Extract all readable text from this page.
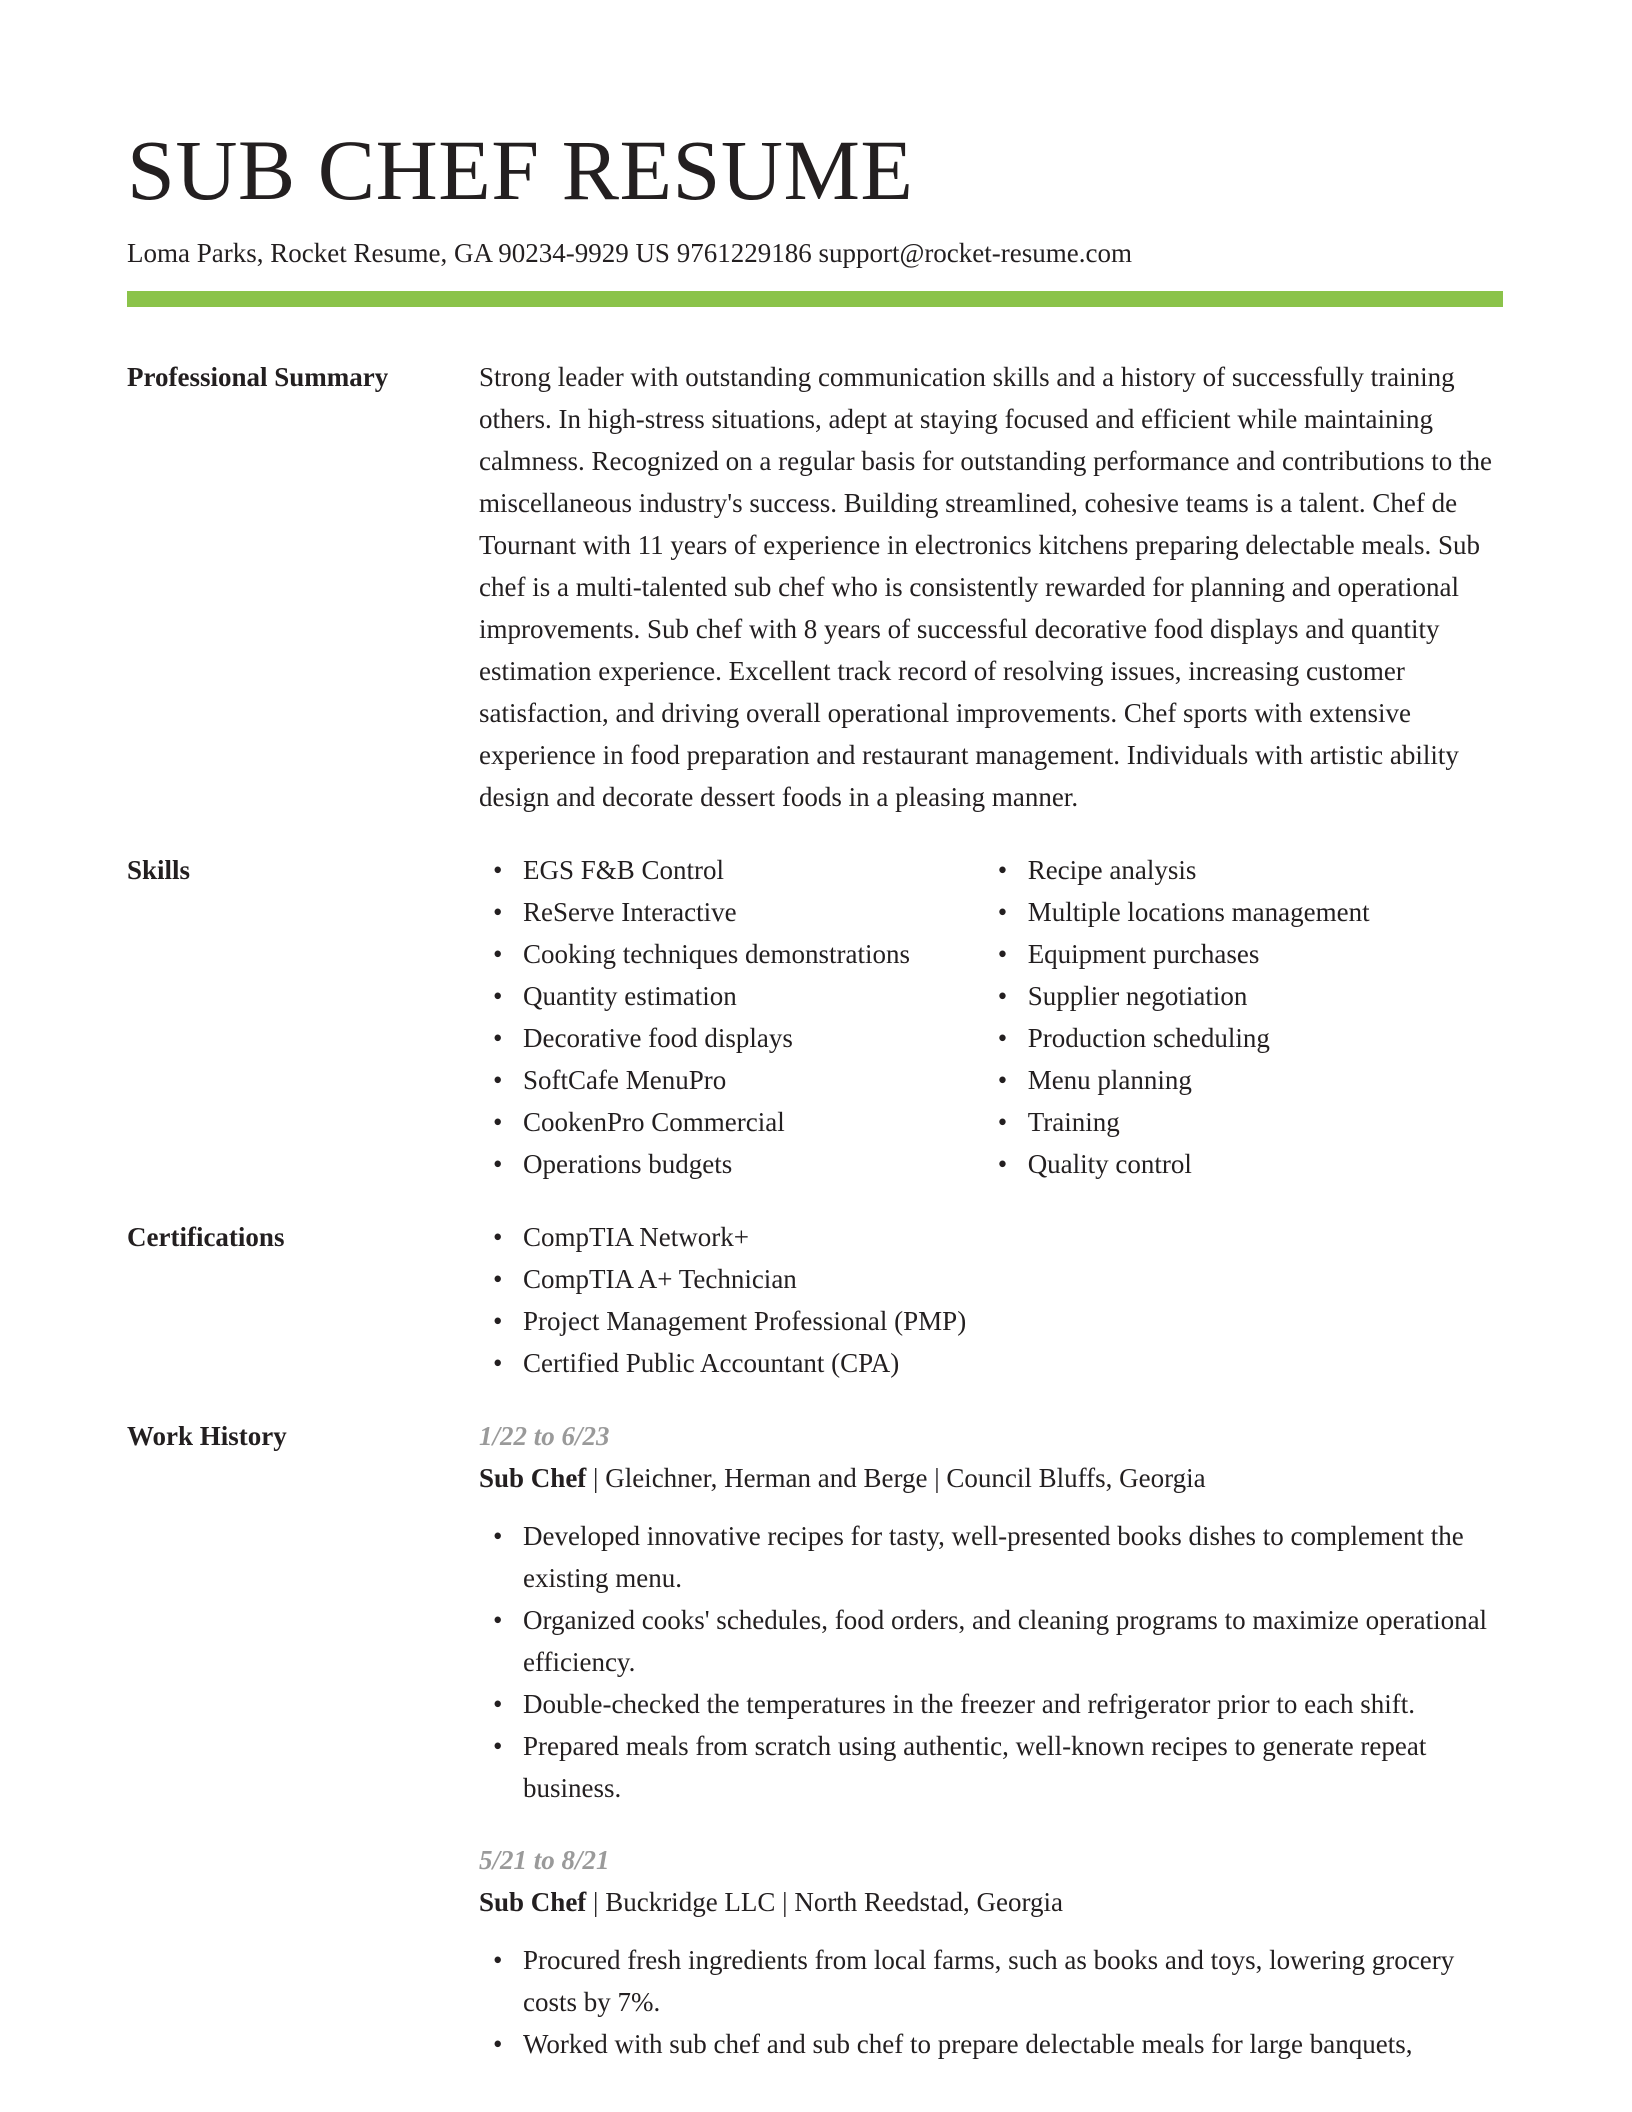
SUB CHEF RESUME
Loma Parks, Rocket Resume, GA 90234-9929 US 9761229186 support@rocket-resume.com
Professional Summary	Strong leader with outstanding communication skills and a history of successfully training others. In high-stress situations, adept at staying focused and efficient while maintaining calmness. Recognized on a regular basis for outstanding performance and contributions to the miscellaneous industry's success. Building streamlined, cohesive teams is a talent. Chef de Tournant with 11 years of experience in electronics kitchens preparing delectable meals. Sub chef is a multi-talented sub chef who is consistently rewarded for planning and operational improvements. Sub chef with 8 years of successful decorative food displays and quantity estimation experience. Excellent track record of resolving issues, increasing customer satisfaction, and driving overall operational improvements. Chef sports with extensive experience in food preparation and restaurant management. Individuals with artistic ability design and decorate dessert foods in a pleasing manner.
Skills	• EGS F&B Control
• ReServe Interactive
• Cooking techniques demonstrations
• Quantity estimation
• Decorative food displays
• SoftCafe MenuPro
• CookenPro Commercial
• Operations budgets
• Recipe analysis
• Multiple locations management
• Equipment purchases
• Supplier negotiation
• Production scheduling
• Menu planning
• Training
• Quality control
Certifications	• CompTIA Network+
• CompTIA A+ Technician
• Project Management Professional (PMP)
• Certified Public Accountant (CPA)
Work History	1/22 to 6/23
Sub Chef | Gleichner, Herman and Berge | Council Bluffs, Georgia
• Developed innovative recipes for tasty, well-presented books dishes to complement the existing menu.
• Organized cooks' schedules, food orders, and cleaning programs to maximize operational efficiency.
• Double-checked the temperatures in the freezer and refrigerator prior to each shift.
• Prepared meals from scratch using authentic, well-known recipes to generate repeat business.
5/21 to 8/21
Sub Chef | Buckridge LLC | North Reedstad, Georgia
• Procured fresh ingredients from local farms, such as books and toys, lowering grocery costs by 7%.
• Worked with sub chef and sub chef to prepare delectable meals for large banquets,
